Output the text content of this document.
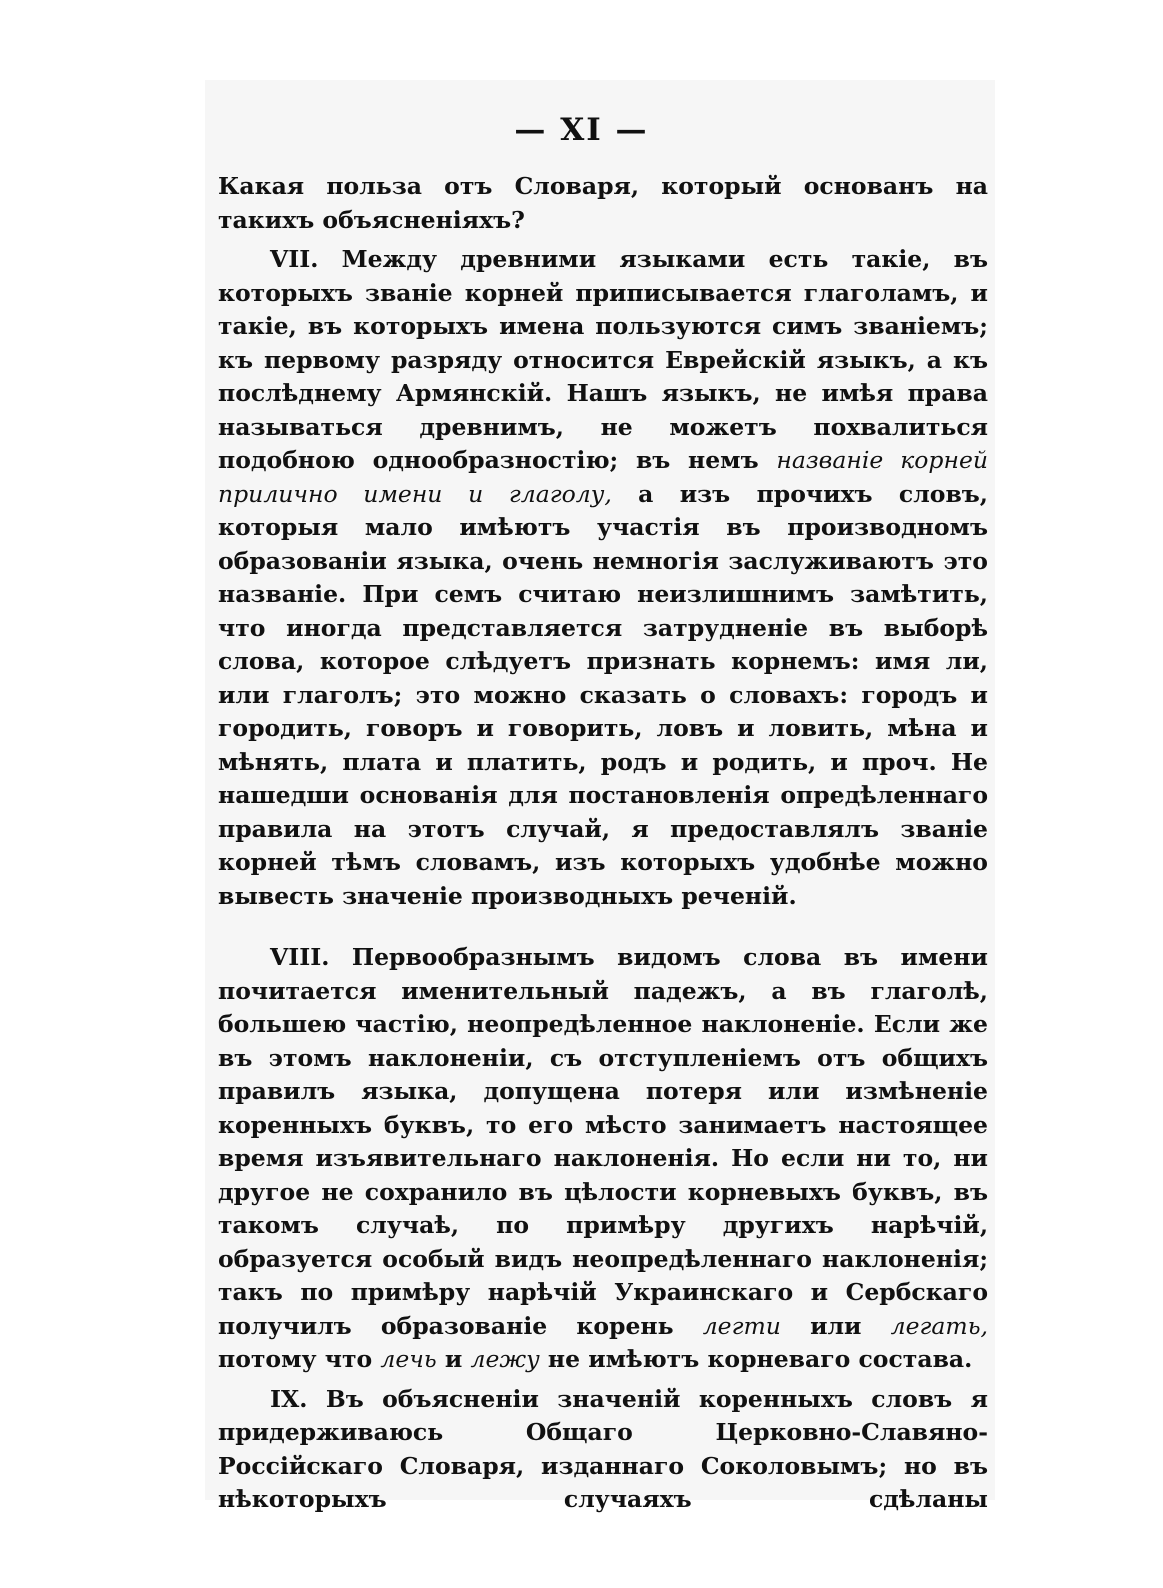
— XI —

Какая польза отъ Словаря, который основанъ на такихъ объясненіяхъ?

VII. Между древними языками есть такіе, въ которыхъ званіе корней приписывается глаголамъ, и такіе, въ которыхъ имена пользуются симъ званіемъ; къ первому разряду относится Еврейскій языкъ, а къ послѣднему Армянскій. Нашъ языкъ, не имѣя права называться древнимъ, не можетъ похвалиться подобною однообразностію; въ немъ названіе корней прилично имени и глаголу, а изъ прочихъ словъ, которыя мало имѣютъ участія въ производномъ образованіи языка, очень немногія заслуживаютъ это названіе. При семъ считаю неизлишнимъ замѣтить, что иногда представляется затрудненіе въ выборѣ слова, которое слѣдуетъ признать корнемъ: имя ли, или глаголъ; это можно сказать о словахъ: городъ и городить, говоръ и говорить, ловъ и ловить, мѣна и мѣнять, плата и платить, родъ и родить, и проч. Не нашедши основанія для постановленія опредѣленнаго правила на этотъ случай, я предоставлялъ званіе корней тѣмъ словамъ, изъ которыхъ удобнѣе можно вывесть значеніе производныхъ реченій.

VIII. Первообразнымъ видомъ слова въ имени почитается именительный падежъ, а въ глаголѣ, большею частію, неопредѣленное наклоненіе. Если же въ этомъ наклоненіи, съ отступленіемъ отъ общихъ правилъ языка, допущена потеря или измѣненіе коренныхъ буквъ, то его мѣсто занимаетъ настоящее время изъявительнаго наклоненія. Но если ни то, ни другое не сохранило въ цѣлости корневыхъ буквъ, въ такомъ случаѣ, по примѣру другихъ нарѣчій, образуется особый видъ неопредѣленнаго наклоненія; такъ по примѣру нарѣчій Украинскаго и Сербскаго получилъ образованіе корень легти или легать, потому что лечь и лежу не имѣютъ корневаго состава.

IX. Въ объясненіи значеній коренныхъ словъ я придерживаюсь Общаго Церковно-Славяно-Россійскаго Словаря, изданнаго Соколовымъ; но въ нѣкоторыхъ случаяхъ сдѣланы
